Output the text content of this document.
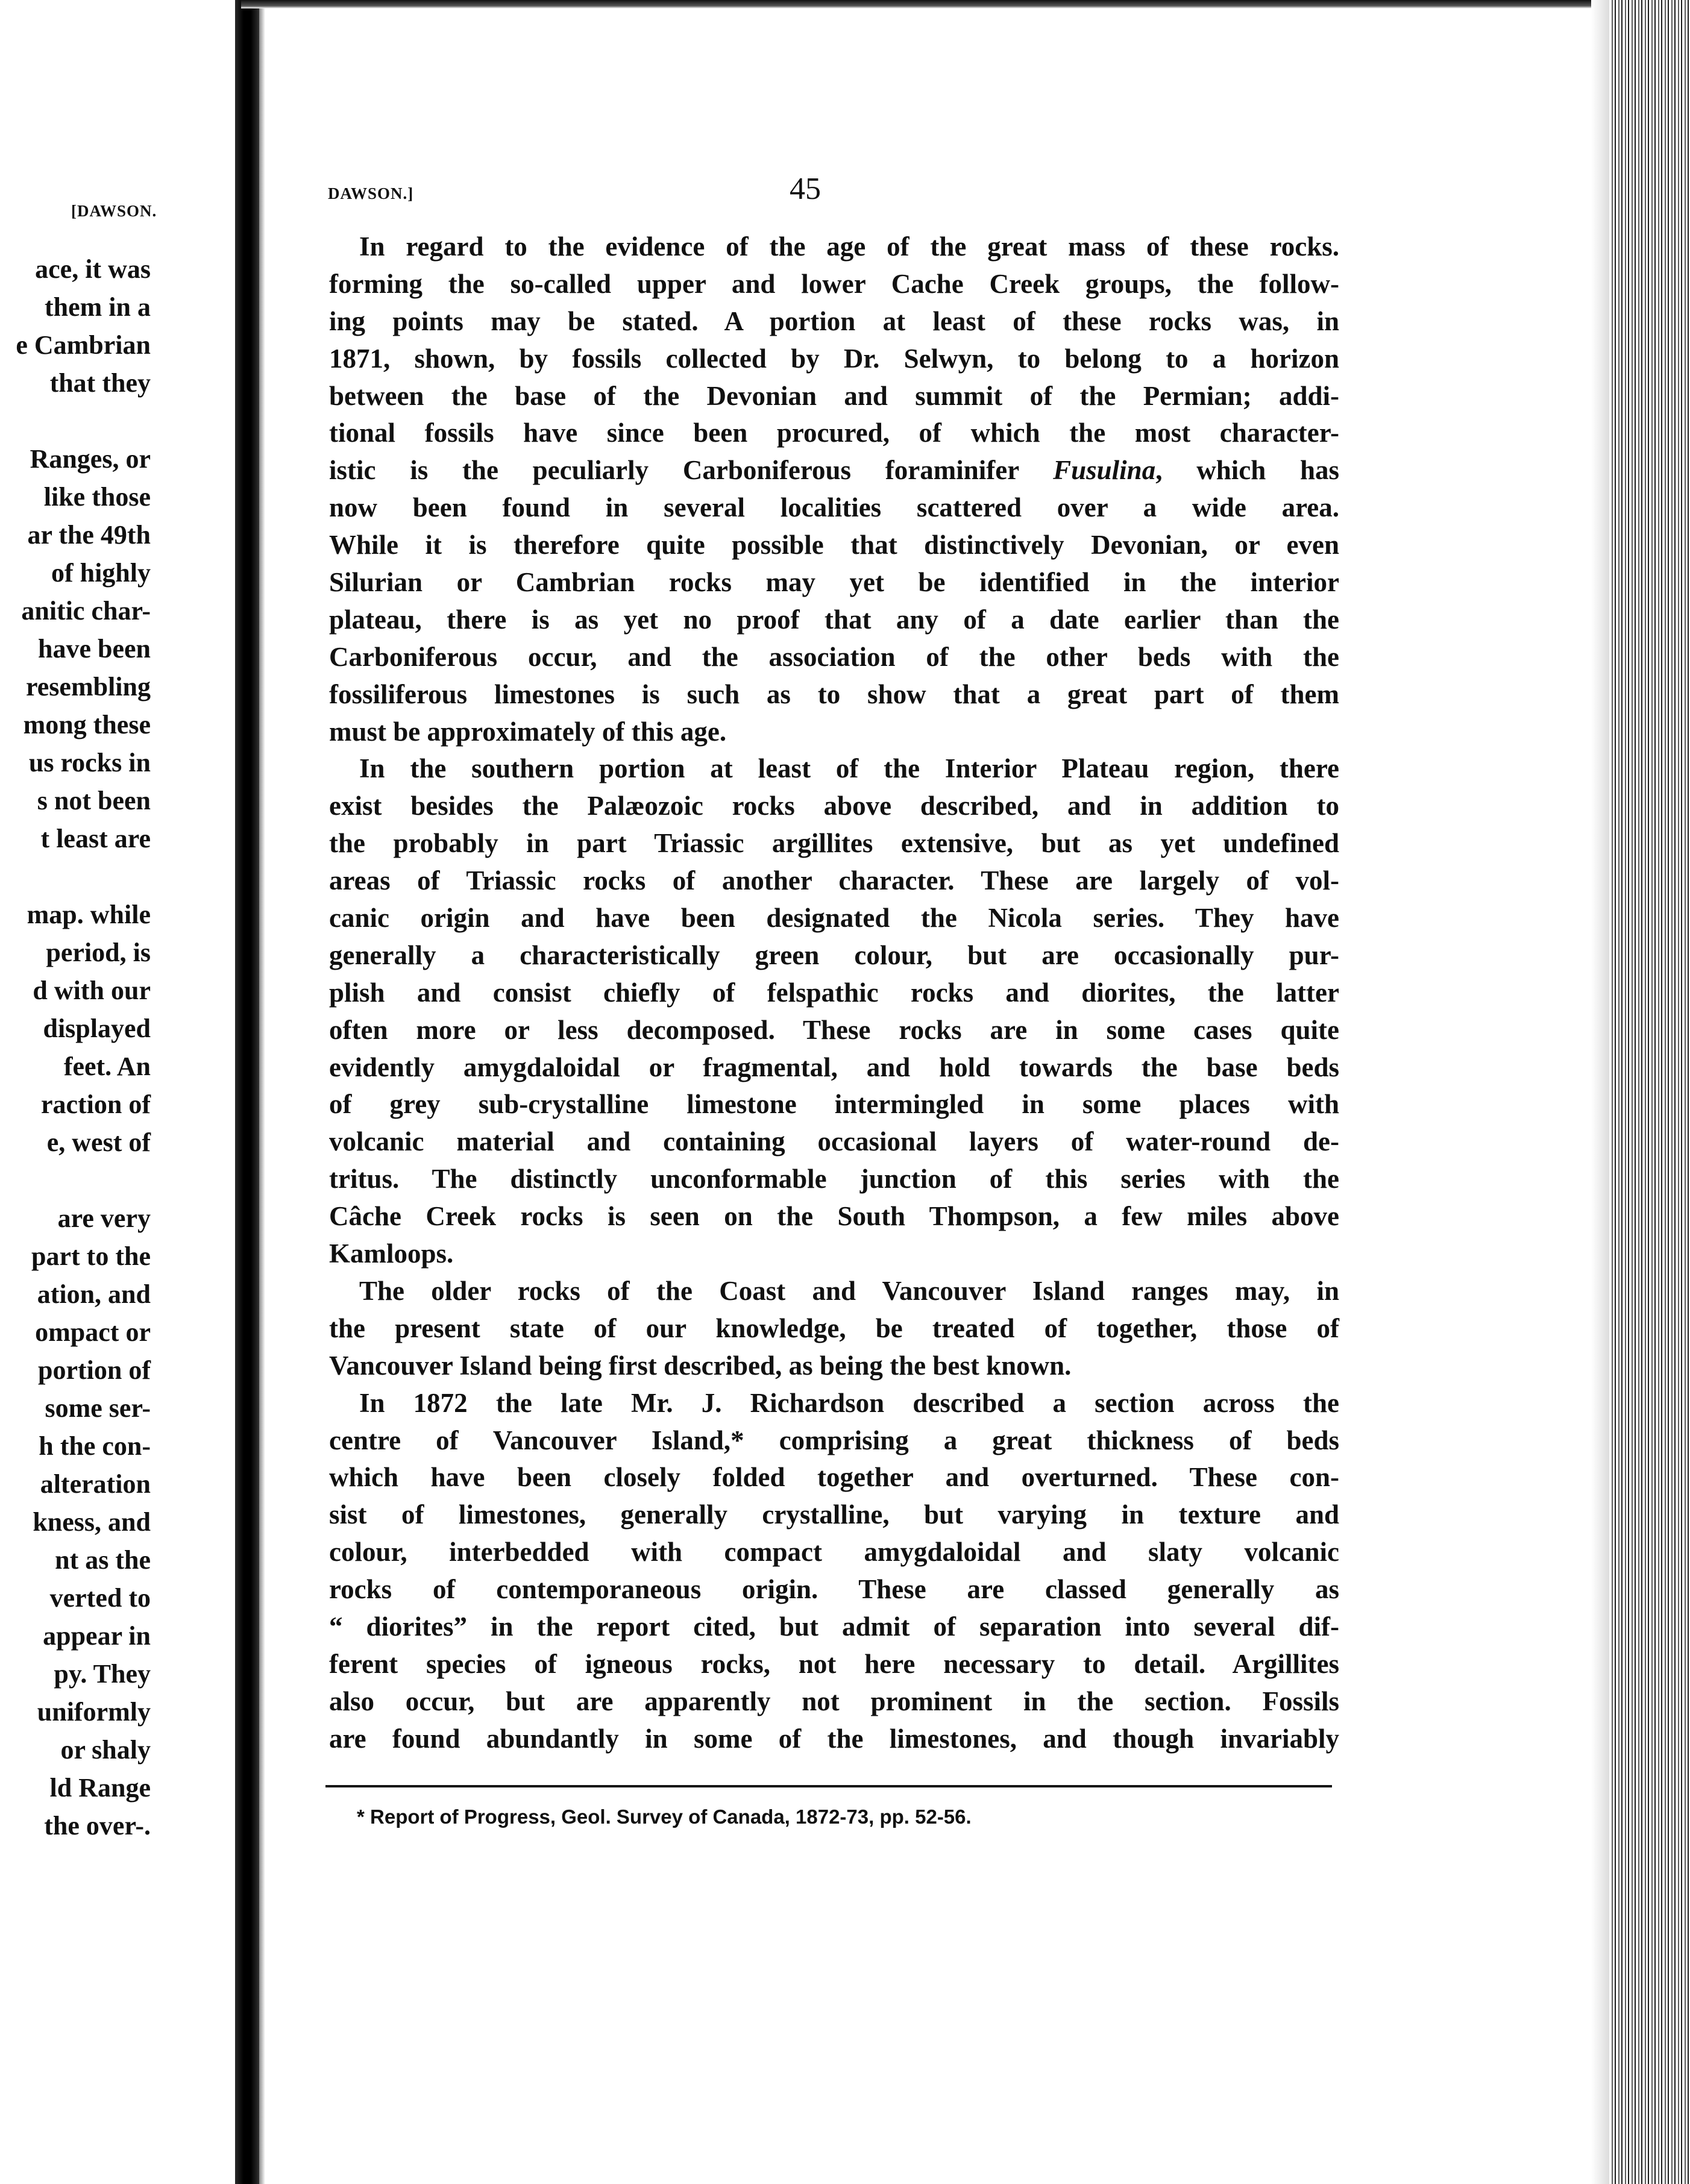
[DAWSON.
ace, it was
them in a
e Cambrian
that they
Ranges, or
like those
ar the 49th
of highly
anitic char-
have been
resembling
mong these
us rocks in
s not been
t least are
map. while
period, is
d with our
displayed
feet. An
raction of
e, west of
are very
part to the
ation, and
ompact or
portion of
some ser-
h the con-
alteration
kness, and
nt as the
verted to
appear in
py. They
uniformly
or shaly
ld Range
the over-.
DAWSON.]	45
In regard to the evidence of the age of the great mass of these rocks.
forming the so-called upper and lower Cache Creek groups, the follow-
ing points may be stated. A portion at least of these rocks was, in
1871, shown, by fossils collected by Dr. Selwyn, to belong to a horizon
between the base of the Devonian and summit of the Permian; addi-
tional fossils have since been procured, of which the most character-
istic is the peculiarly Carboniferous foraminifer Fusulina, which has
now been found in several localities scattered over a wide area.
While it is therefore quite possible that distinctively Devonian, or even
Silurian or Cambrian rocks may yet be identified in the interior
plateau, there is as yet no proof that any of a date earlier than the
Carboniferous occur, and the association of the other beds with the
fossiliferous limestones is such as to show that a great part of them
must be approximately of this age.
In the southern portion at least of the Interior Plateau region, there
exist besides the Palæozoic rocks above described, and in addition to
the probably in part Triassic argillites extensive, but as yet undefined
areas of Triassic rocks of another character. These are largely of vol-
canic origin and have been designated the Nicola series. They have
generally a characteristically green colour, but are occasionally pur-
plish and consist chiefly of felspathic rocks and diorites, the latter
often more or less decomposed. These rocks are in some cases quite
evidently amygdaloidal or fragmental, and hold towards the base beds
of grey sub-crystalline limestone intermingled in some places with
volcanic material and containing occasional layers of water-round de-
tritus. The distinctly unconformable junction of this series with the
Câche Creek rocks is seen on the South Thompson, a few miles above
Kamloops.
The older rocks of the Coast and Vancouver Island ranges may, in
the present state of our knowledge, be treated of together, those of
Vancouver Island being first described, as being the best known.
In 1872 the late Mr. J. Richardson described a section across the
centre of Vancouver Island,* comprising a great thickness of beds
which have been closely folded together and overturned. These con-
sist of limestones, generally crystalline, but varying in texture and
colour, interbedded with compact amygdaloidal and slaty volcanic
rocks of contemporaneous origin. These are classed generally as
“ diorites” in the report cited, but admit of separation into several dif-
ferent species of igneous rocks, not here necessary to detail. Argillites
also occur, but are apparently not prominent in the section. Fossils
are found abundantly in some of the limestones, and though invariably
* Report of Progress, Geol. Survey of Canada, 1872-73, pp. 52-56.
